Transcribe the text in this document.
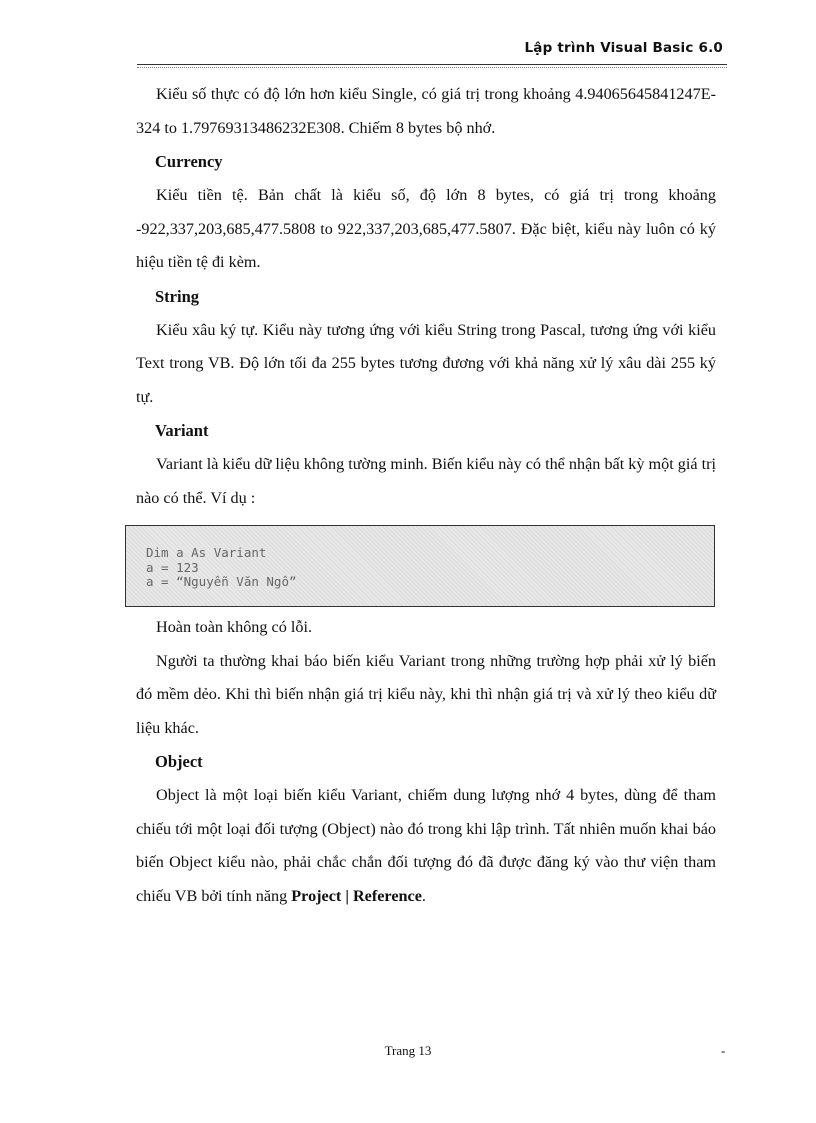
Lập trình Visual Basic 6.0

Kiểu số thực có độ lớn hơn kiểu Single, có giá trị trong khoảng 4.94065645841247E-324 to 1.79769313486232E308. Chiếm 8 bytes bộ nhớ.

Currency

Kiểu tiền tệ. Bản chất là kiểu số, độ lớn 8 bytes, có giá trị trong khoảng -922,337,203,685,477.5808 to 922,337,203,685,477.5807. Đặc biệt, kiểu này luôn có ký hiệu tiền tệ đi kèm.

String

Kiểu xâu ký tự. Kiểu này tương ứng với kiểu String trong Pascal, tương ứng với kiểu Text trong VB. Độ lớn tối đa 255 bytes tương đương với khả năng xử lý xâu dài 255 ký tự.

Variant

Variant là kiểu dữ liệu không tường minh. Biến kiểu này có thể nhận bất kỳ một giá trị nào có thể. Ví dụ :

Dim a As Variant
a = 123
a = “Nguyễn Văn Ngô”

Hoàn toàn không có lỗi.

Người ta thường khai báo biến kiểu Variant trong những trường hợp phải xử lý biến đó mềm dẻo. Khi thì biến nhận giá trị kiểu này, khi thì nhận giá trị và xử lý theo kiểu dữ liệu khác.

Object

Object là một loại biến kiểu Variant, chiếm dung lượng nhớ 4 bytes, dùng để tham chiếu tới một loại đối tượng (Object) nào đó trong khi lập trình. Tất nhiên muốn khai báo biến Object kiểu nào, phải chắc chắn đối tượng đó đã được đăng ký vào thư viện tham chiếu VB bởi tính năng Project | Reference.

Trang 13	-
